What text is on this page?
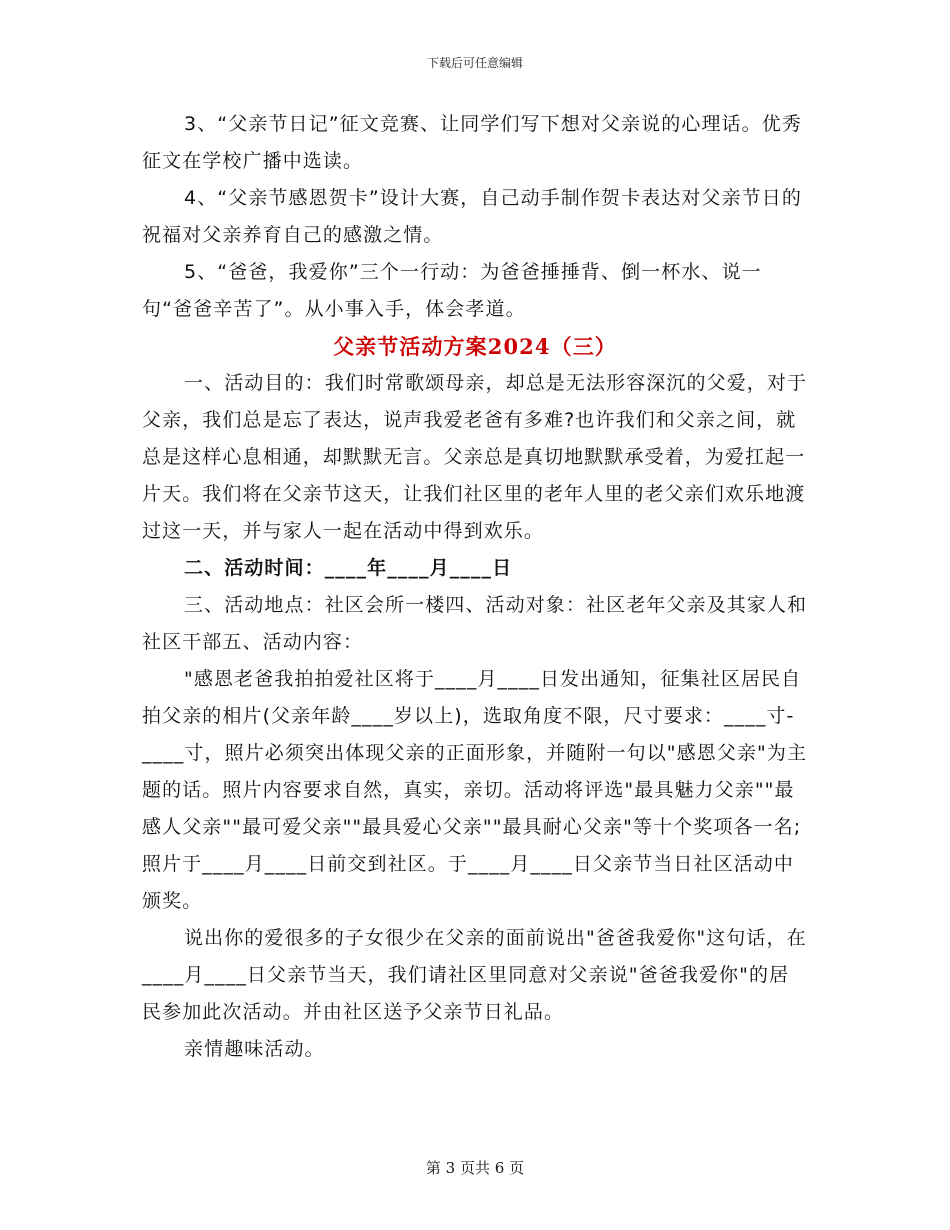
下载后可任意编辑

3、“父亲节日记”征文竞赛、让同学们写下想对父亲说的心理话。优秀征文在学校广播中选读。

4、“父亲节感恩贺卡”设计大赛，自己动手制作贺卡表达对父亲节日的祝福对父亲养育自己的感激之情。

5、“爸爸，我爱你”三个一行动：为爸爸捶捶背、倒一杯水、说一句“爸爸辛苦了”。从小事入手，体会孝道。

父亲节活动方案2024（三）

一、活动目的：我们时常歌颂母亲，却总是无法形容深沉的父爱，对于父亲，我们总是忘了表达，说声我爱老爸有多难?也许我们和父亲之间，就总是这样心息相通，却默默无言。父亲总是真切地默默承受着，为爱扛起一片天。我们将在父亲节这天，让我们社区里的老年人里的老父亲们欢乐地渡过这一天，并与家人一起在活动中得到欢乐。

二、活动时间：____年____月____日

三、活动地点：社区会所一楼四、活动对象：社区老年父亲及其家人和社区干部五、活动内容：

"感恩老爸我拍拍爱社区将于____月____日发出通知，征集社区居民自拍父亲的相片(父亲年龄____岁以上)，选取角度不限，尺寸要求：____寸-____寸，照片必须突出体现父亲的正面形象，并随附一句以"感恩父亲"为主题的话。照片内容要求自然，真实，亲切。活动将评选"最具魅力父亲""最感人父亲""最可爱父亲""最具爱心父亲""最具耐心父亲"等十个奖项各一名;照片于____月____日前交到社区。于____月____日父亲节当日社区活动中颁奖。

说出你的爱很多的子女很少在父亲的面前说出"爸爸我爱你"这句话，在____月____日父亲节当天，我们请社区里同意对父亲说"爸爸我爱你"的居民参加此次活动。并由社区送予父亲节日礼品。

亲情趣味活动。

第 3 页共 6 页
